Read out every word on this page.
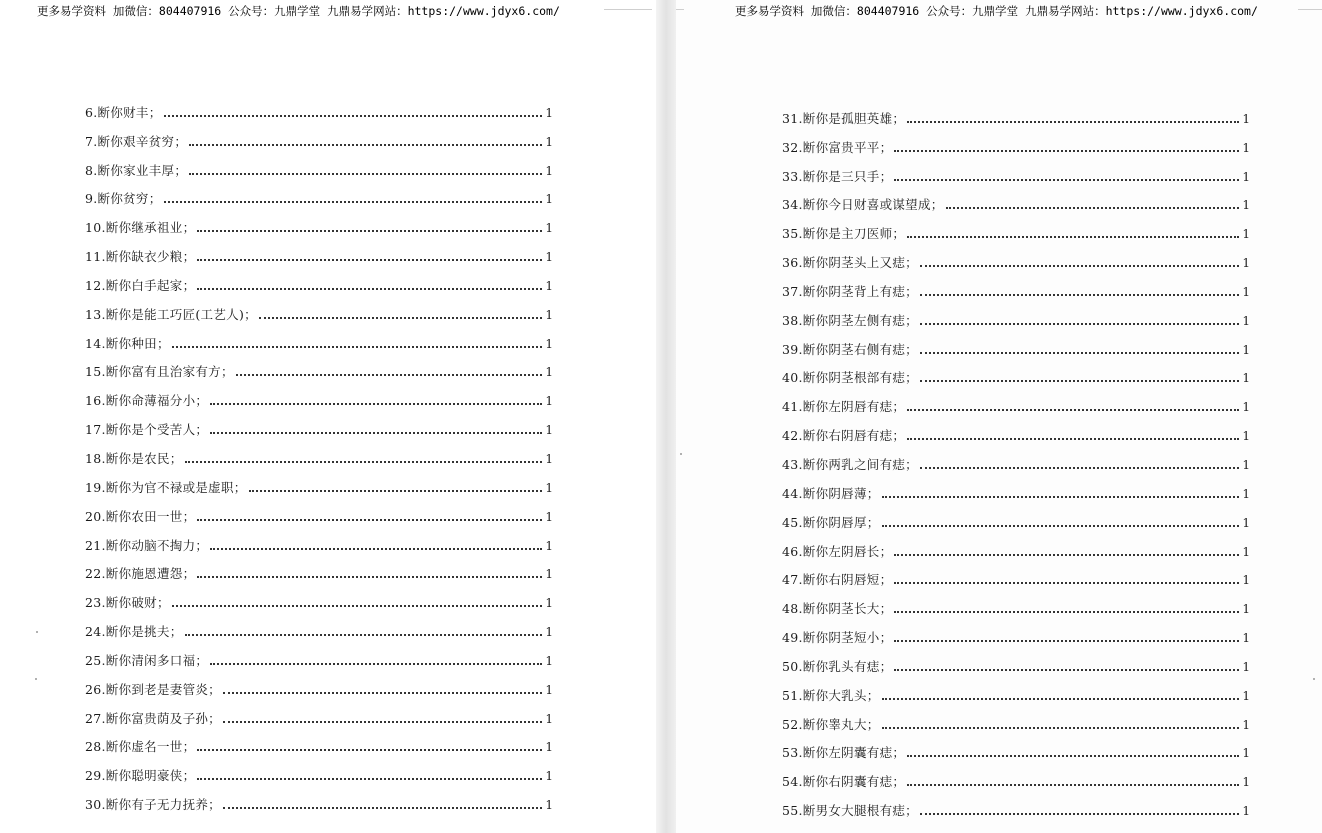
更多易学资料 加微信：804407916 公众号：九鼎学堂 九鼎易学网站：https://www.jdyx6.com/
6.断你财丰；	1
7.断你艰辛贫穷；	1
8.断你家业丰厚；	1
9.断你贫穷；	1
10.断你继承祖业；	1
11.断你缺衣少粮；	1
12.断你白手起家；	1
13.断你是能工巧匠(工艺人)；	1
14.断你种田；	1
15.断你富有且治家有方；	1
16.断你命薄福分小；	1
17.断你是个受苦人；	1
18.断你是农民；	1
19.断你为官不禄或是虚职；	1
20.断你农田一世；	1
21.断你动脑不掏力；	1
22.断你施恩遭怨；	1
23.断你破财；	1
24.断你是挑夫；	1
25.断你清闲多口福；	1
26.断你到老是妻管炎；	1
27.断你富贵荫及子孙；	1
28.断你虚名一世；	1
29.断你聪明豪侠；	1
30.断你有子无力抚养；	1
更多易学资料 加微信：804407916 公众号：九鼎学堂 九鼎易学网站：https://www.jdyx6.com/
31.断你是孤胆英雄；	1
32.断你富贵平平；	1
33.断你是三只手；	1
34.断你今日财喜或谋望成；	1
35.断你是主刀医师；	1
36.断你阴茎头上又痣；	1
37.断你阴茎背上有痣；	1
38.断你阴茎左侧有痣；	1
39.断你阴茎右侧有痣；	1
40.断你阴茎根部有痣；	1
41.断你左阴唇有痣；	1
42.断你右阴唇有痣；	1
43.断你两乳之间有痣；	1
44.断你阴唇薄；	1
45.断你阴唇厚；	1
46.断你左阴唇长；	1
47.断你右阴唇短；	1
48.断你阴茎长大；	1
49.断你阴茎短小；	1
50.断你乳头有痣；	1
51.断你大乳头；	1
52.断你睾丸大；	1
53.断你左阴囊有痣；	1
54.断你右阴囊有痣；	1
55.断男女大腿根有痣；	1
